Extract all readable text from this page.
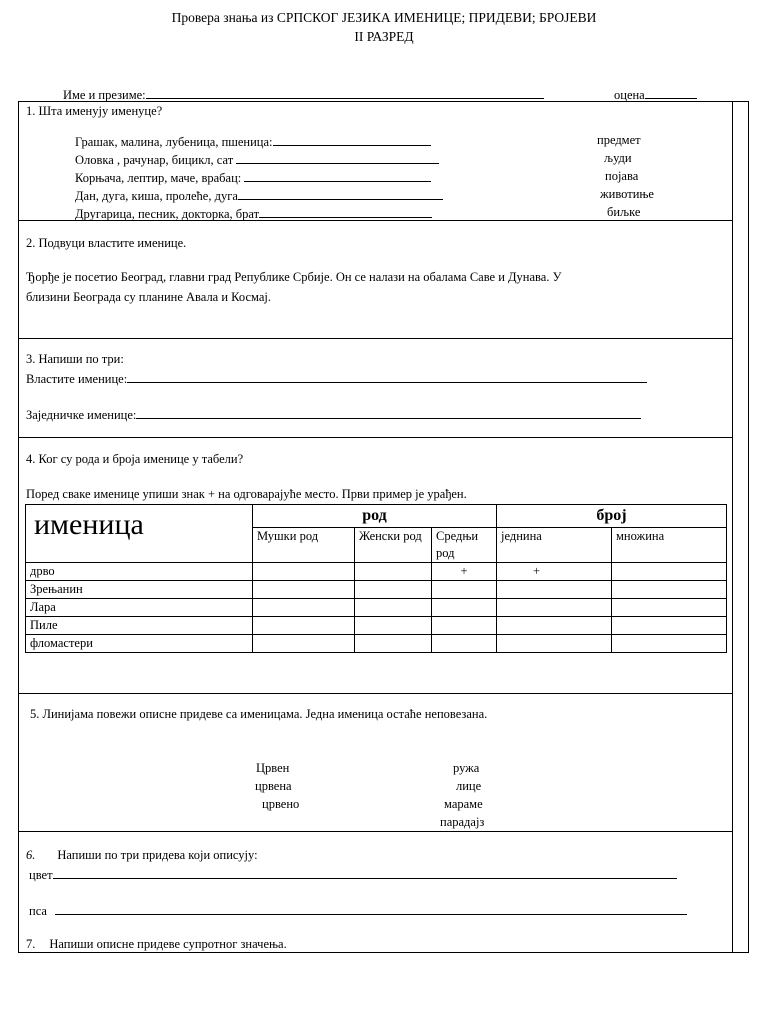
Провера знања из СРПСКОГ ЈЕЗИКА ИМЕНИЦЕ; ПРИДЕВИ; БРОЈЕВИ
II РАЗРЕД
Име и презиме:	оцена
1. Шта именују именуце?
Грашак, малина, лубеница, пшеница:
Оловка , рачунар, бицикл, сат
Корњача, лептир, маче, врабац:
Дан, дуга, киша, пролеће, дуга
Другарица, песник, докторка, брат
предмет
људи
појава
животиње
биљке
2. Подвуци властите именице.
Ђорђе је посетио Београд, главни град Републике Србије. Он се налази на обалама Саве и Дунава. У
близини Београда су планине Авала и Космај.
3. Напиши по три:
Властите именице:
Заједничке именице:
4. Ког су рода и броја именице у табели?
Поред сваке именице упиши знак + на одговарајуће место. Први пример је урађен.
именица	род			број	
	Мушки род	Женски род	Средњи род	једнина	множина
дрво			+	+	
Зрењанин					
Лара					
Пиле					
фломастери					
5. Линијама повежи описне придеве са именицама. Једна именица остаће неповезана.
Црвен
црвена
црвено
ружа
лице
мараме
парадајз
6. Напиши по три придева који описују:
цвет
пса
7. Напиши описне придеве супротног значења.
